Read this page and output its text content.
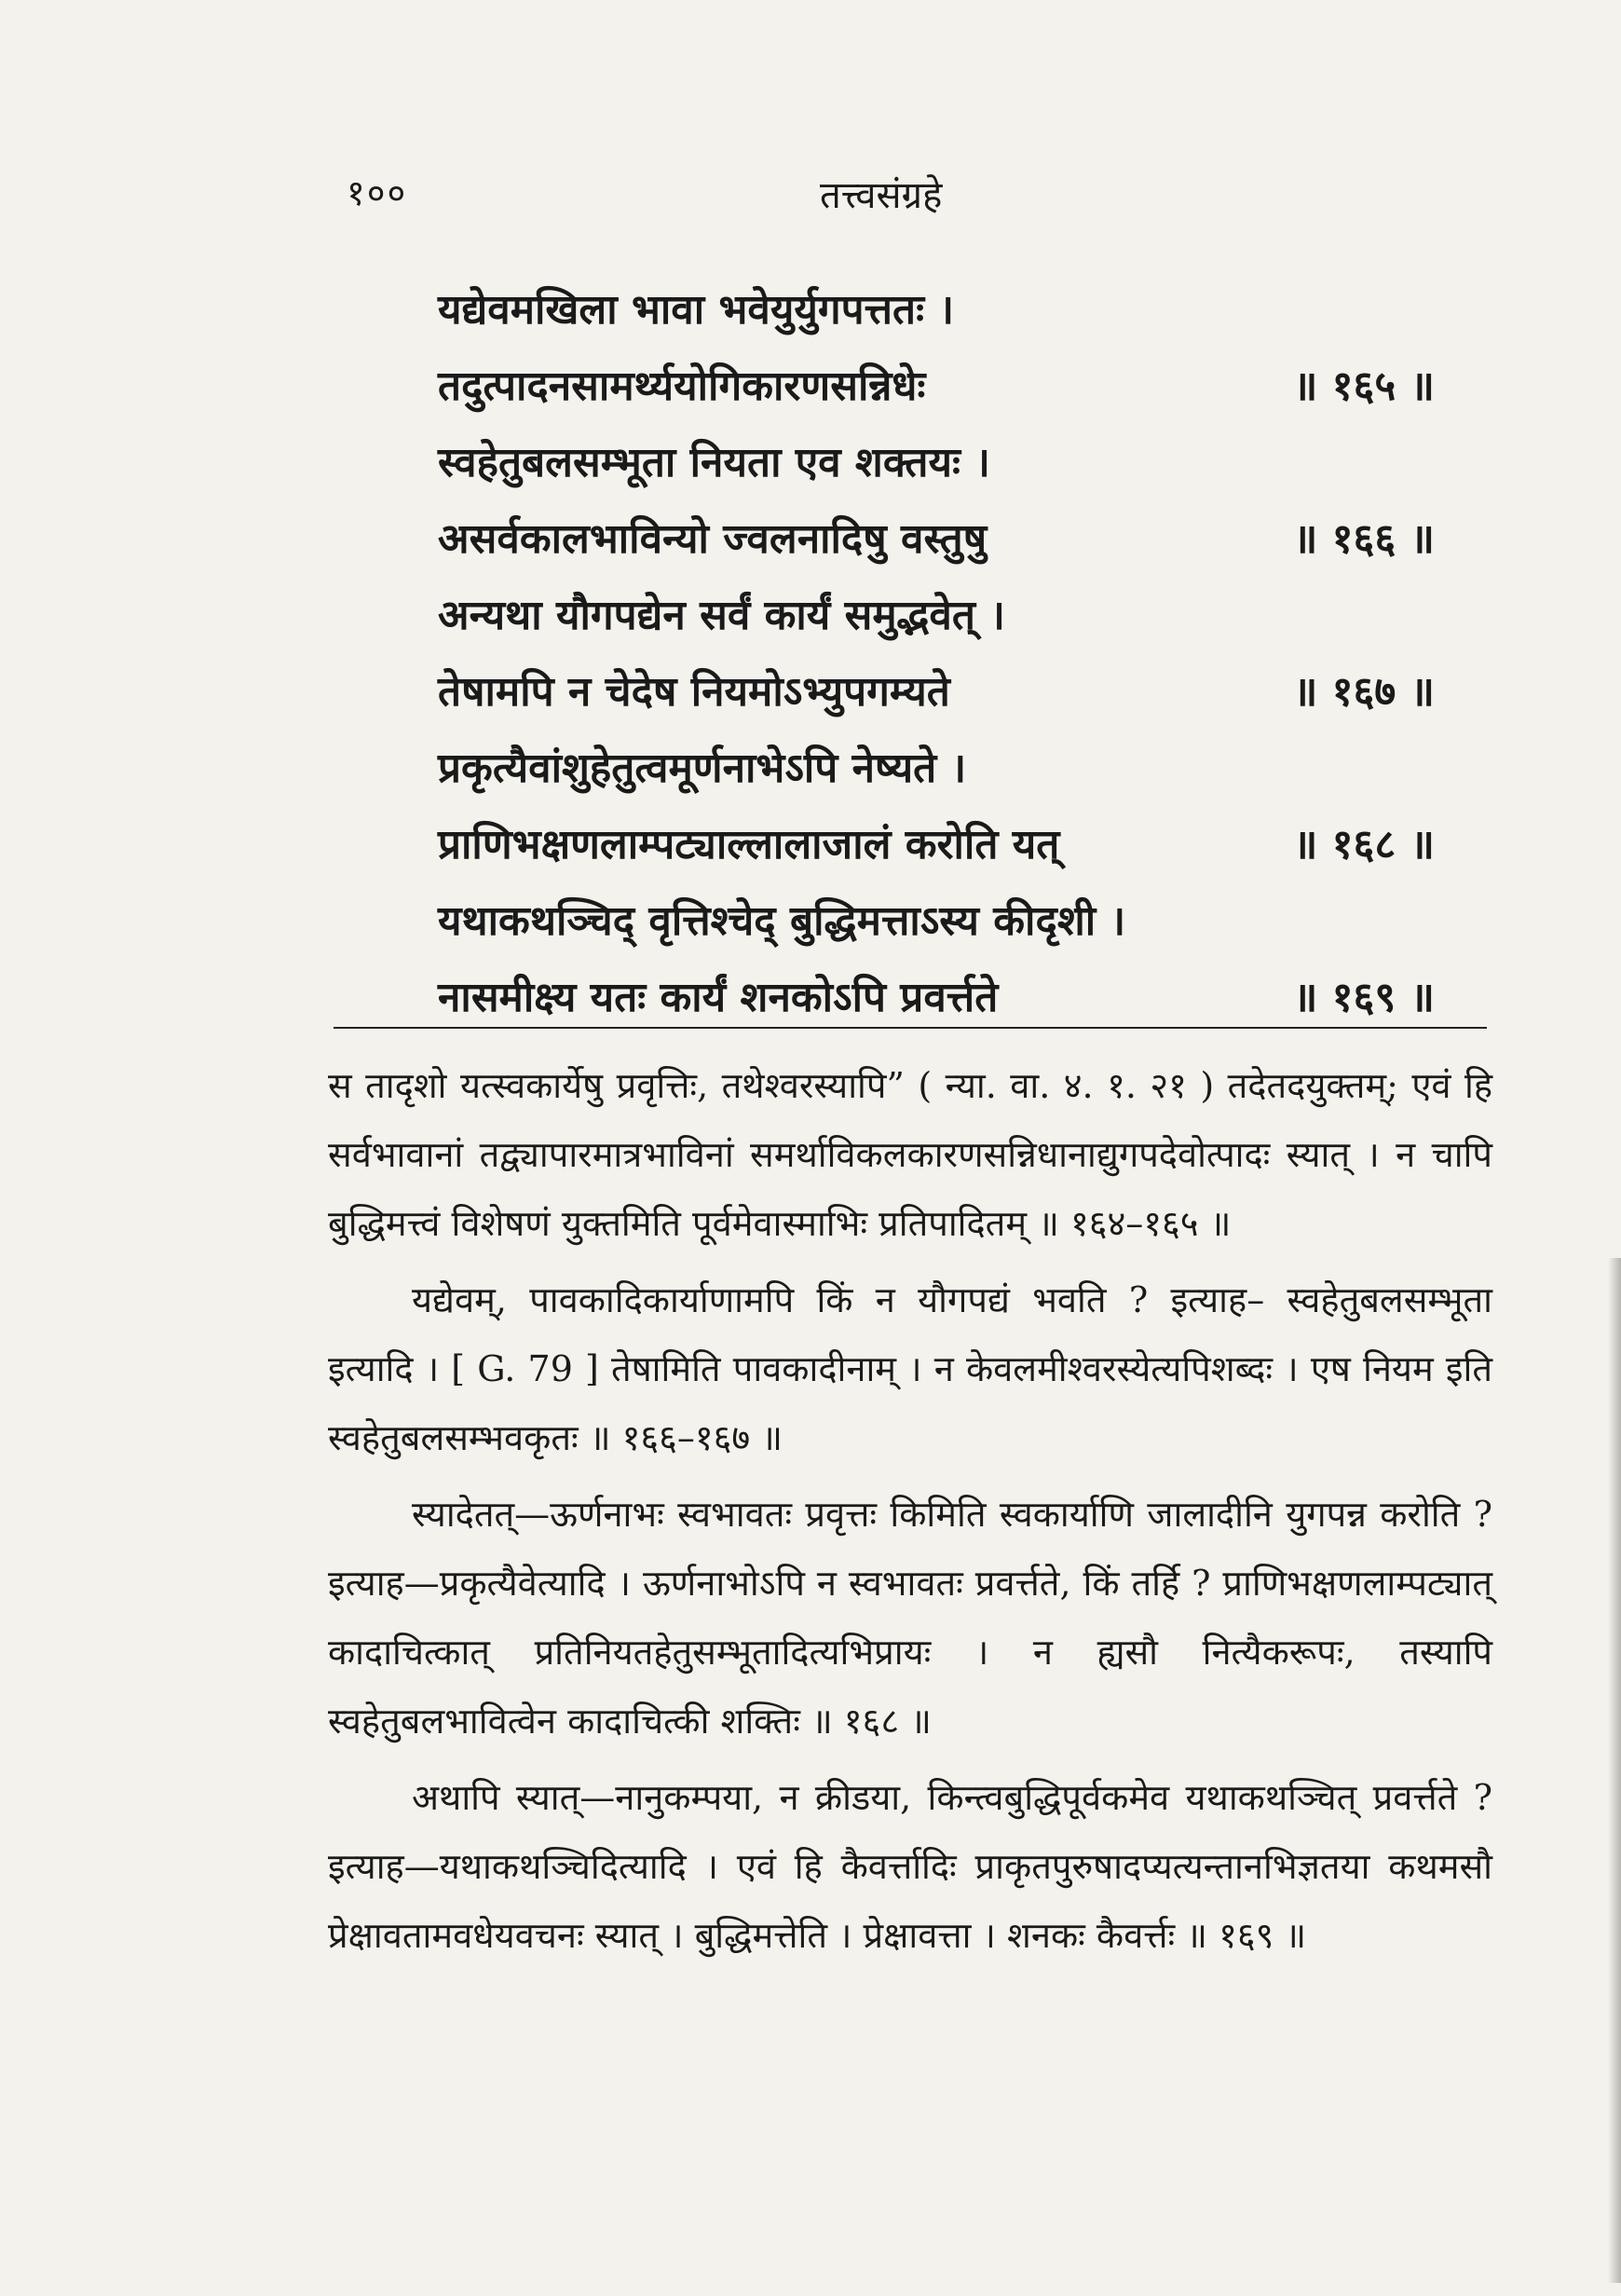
१००	तत्त्वसंग्रहे
यद्येवमखिला भावा भवेयुर्युगपत्ततः ।
तदुत्पादनसामर्थ्ययोगिकारणसन्निधेः	॥ १६५ ॥
स्वहेतुबलसम्भूता नियता एव शक्तयः ।
असर्वकालभाविन्यो ज्वलनादिषु वस्तुषु	॥ १६६ ॥
अन्यथा यौगपद्येन सर्वं कार्यं समुद्भवेत् ।
तेषामपि न चेदेष नियमोऽभ्युपगम्यते	॥ १६७ ॥
प्रकृत्यैवांशुहेतुत्वमूर्णनाभेऽपि नेष्यते ।
प्राणिभक्षणलाम्पट्याल्लालाजालं करोति यत्	॥ १६८ ॥
यथाकथञ्चिद् वृत्तिश्चेद् बुद्धिमत्ताऽस्य कीदृशी ।
नासमीक्ष्य यतः कार्यं शनकोऽपि प्रवर्त्तते	॥ १६९ ॥

स तादृशो यत्स्वकार्येषु प्रवृत्तिः, तथेश्वरस्यापि” ( न्या. वा. ४. १. २१ ) तदेतदयुक्तम्; एवं हि सर्वभावानां तद्व्यापारमात्रभाविनां समर्थाविकलकारणसन्निधानाद्युगपदेवोत्पादः स्यात् । न चापि बुद्धिमत्त्वं विशेषणं युक्तमिति पूर्वमेवास्माभिः प्रतिपादितम् ॥ १६४–१६५ ॥

यद्येवम्, पावकादिकार्याणामपि किं न यौगपद्यं भवति ? इत्याह– स्वहेतुबलसम्भूता इत्यादि । [ G. 79 ] तेषामिति पावकादीनाम् । न केवलमीश्वरस्येत्यपिशब्दः । एष नियम इति स्वहेतुबलसम्भवकृतः ॥ १६६–१६७ ॥

स्यादेतत्—ऊर्णनाभः स्वभावतः प्रवृत्तः किमिति स्वकार्याणि जालादीनि युगपन्न करोति ? इत्याह—प्रकृत्यैवेत्यादि । ऊर्णनाभोऽपि न स्वभावतः प्रवर्त्तते, किं तर्हि ? प्राणिभक्षणलाम्पट्यात् कादाचित्कात् प्रतिनियतहेतुसम्भूतादित्यभिप्रायः । न ह्यसौ नित्यैकरूपः, तस्यापि स्वहेतुबलभावित्वेन कादाचित्की शक्तिः ॥ १६८ ॥

अथापि स्यात्—नानुकम्पया, न क्रीडया, किन्त्वबुद्धिपूर्वकमेव यथाकथञ्चित् प्रवर्त्तते ? इत्याह—यथाकथञ्चिदित्यादि । एवं हि कैवर्त्तादिः प्राकृतपुरुषादप्यत्यन्तानभिज्ञतया कथमसौ प्रेक्षावतामवधेयवचनः स्यात् । बुद्धिमत्तेति । प्रेक्षावत्ता । शनकः कैवर्त्तः ॥ १६९ ॥
